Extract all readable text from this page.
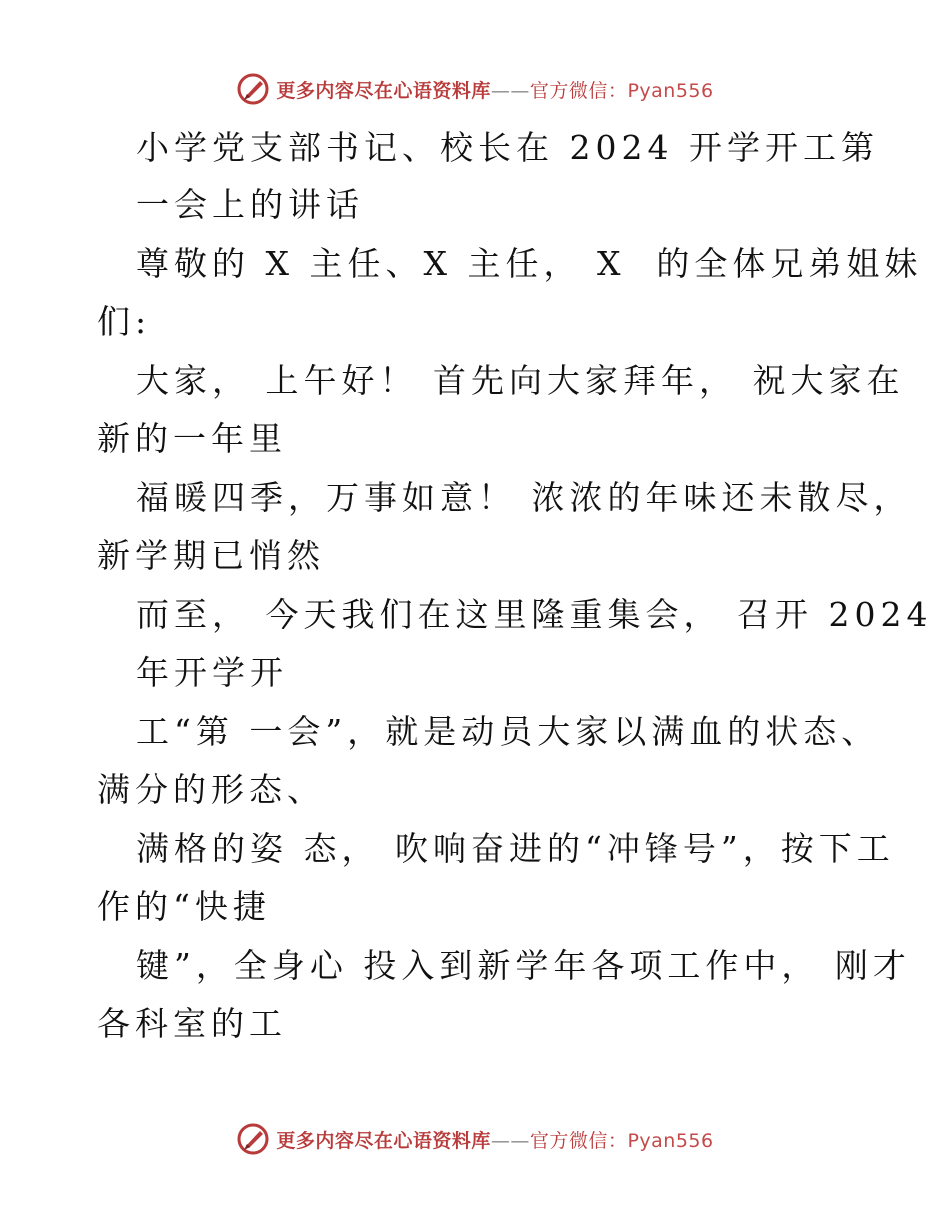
更多内容尽在心语资料库——官方微信：Pyan556
小学党支部书记、校长在 2024 开学开工第
一会上的讲话
尊敬的 X 主任、X 主任， X  的全体兄弟姐妹
们:
大家， 上午好！ 首先向大家拜年， 祝大家在
新的一年里
福暖四季，万事如意！ 浓浓的年味还未散尽，
新学期已悄然
而至， 今天我们在这里隆重集会， 召开 2024
年开学开
工“第 一会”，就是动员大家以满血的状态、
满分的形态、
满格的姿 态， 吹响奋进的“冲锋号”，按下工
作的“快捷
键”，全身心 投入到新学年各项工作中， 刚才
各科室的工
更多内容尽在心语资料库——官方微信：Pyan556
